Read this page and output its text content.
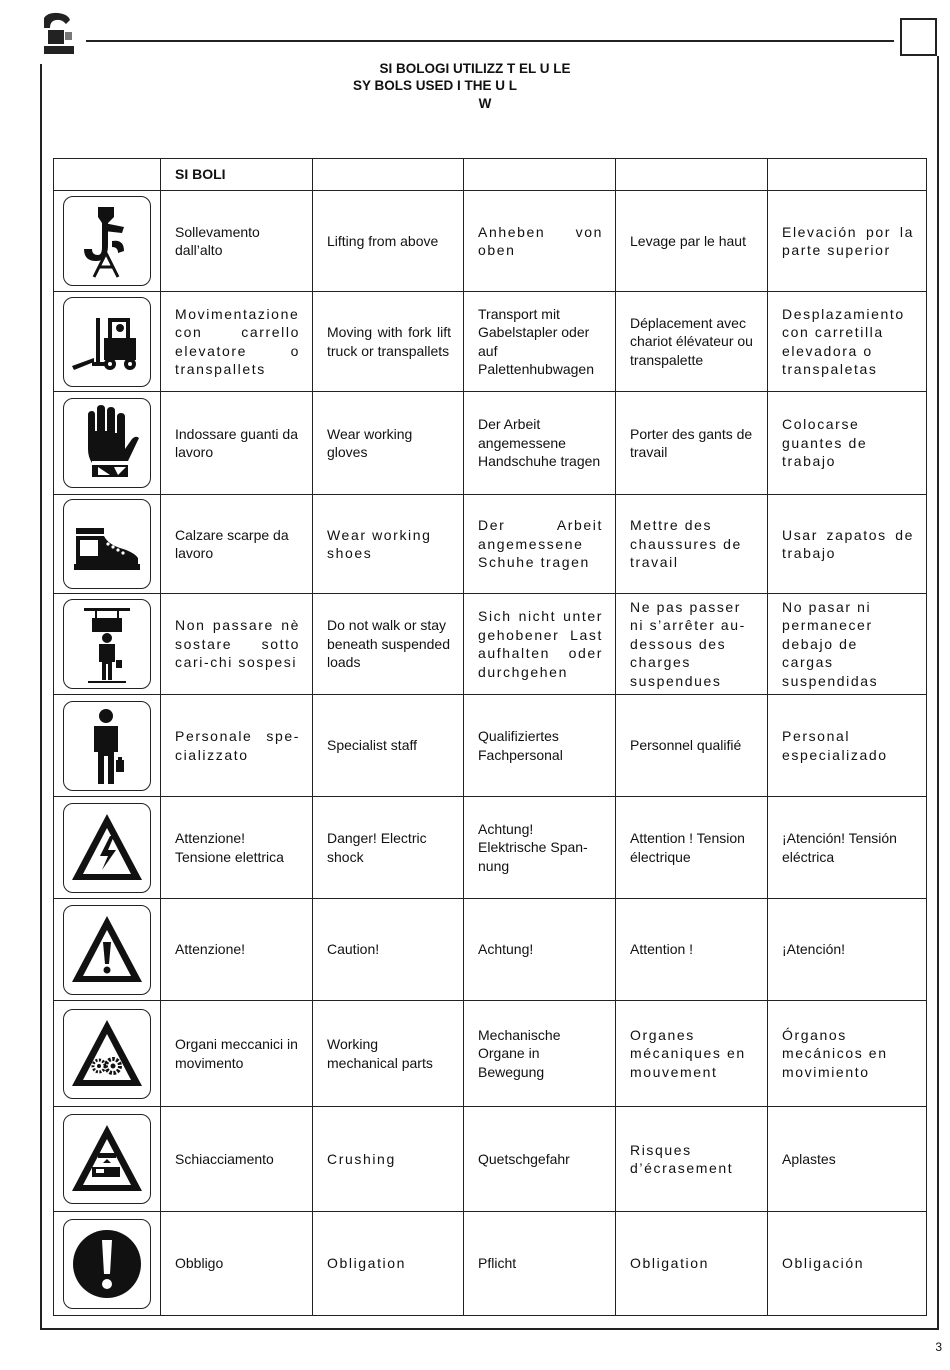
SI BOLOGI UTILIZZ T EL U LE
SY BOLS USED I THE U L
W
	SI BOLI				

	Sollevamento dall’alto	Lifting from above	Anheben von oben	Levage par le haut	Elevación por la parte superior

	Movimentazione con carrello elevatore o transpallets	Moving with fork lift truck or transpallets	Transport mit Gabelstapler oder auf Palettenhubwagen	Déplacement avec chariot élévateur ou transpalette	Desplazamiento con carretilla elevadora o transpaletas

	Indossare guanti da lavoro	Wear working gloves	Der Arbeit angemessene Handschuhe tragen	Porter des gants de travail	Colocarse guantes de trabajo

	Calzare scarpe da lavoro	Wear working shoes	Der Arbeit angemessene Schuhe tragen	Mettre des chaussures de travail	Usar zapatos de trabajo

	Non passare nè sostare sotto cari-chi sospesi	Do not walk or stay beneath suspended loads	Sich nicht unter gehobener Last aufhalten oder durchgehen	Ne pas passer ni s’arrêter au-dessous des charges suspendues	No pasar ni permanecer debajo de cargas suspendidas

	Personale spe-cializzato	Specialist staff	Qualifiziertes Fachpersonal	Personnel qualifié	Personal especializado

	Attenzione! Tensione elettrica	Danger! Electric shock	Achtung! Elektrische Span-nung	Attention ! Tension électrique	¡Atención! Tensión eléctrica

	Attenzione!	Caution!	Achtung!	Attention !	¡Atención!

	Organi meccanici in movimento	Working mechanical parts	Mechanische Organe in Bewegung	Organes mécaniques en mouvement	Órganos mecánicos en movimiento

	Schiacciamento	Crushing	Quetschgefahr	Risques d’écrasement	Aplastes

	Obbligo	Obligation	Pflicht	Obligation	Obligación
3
